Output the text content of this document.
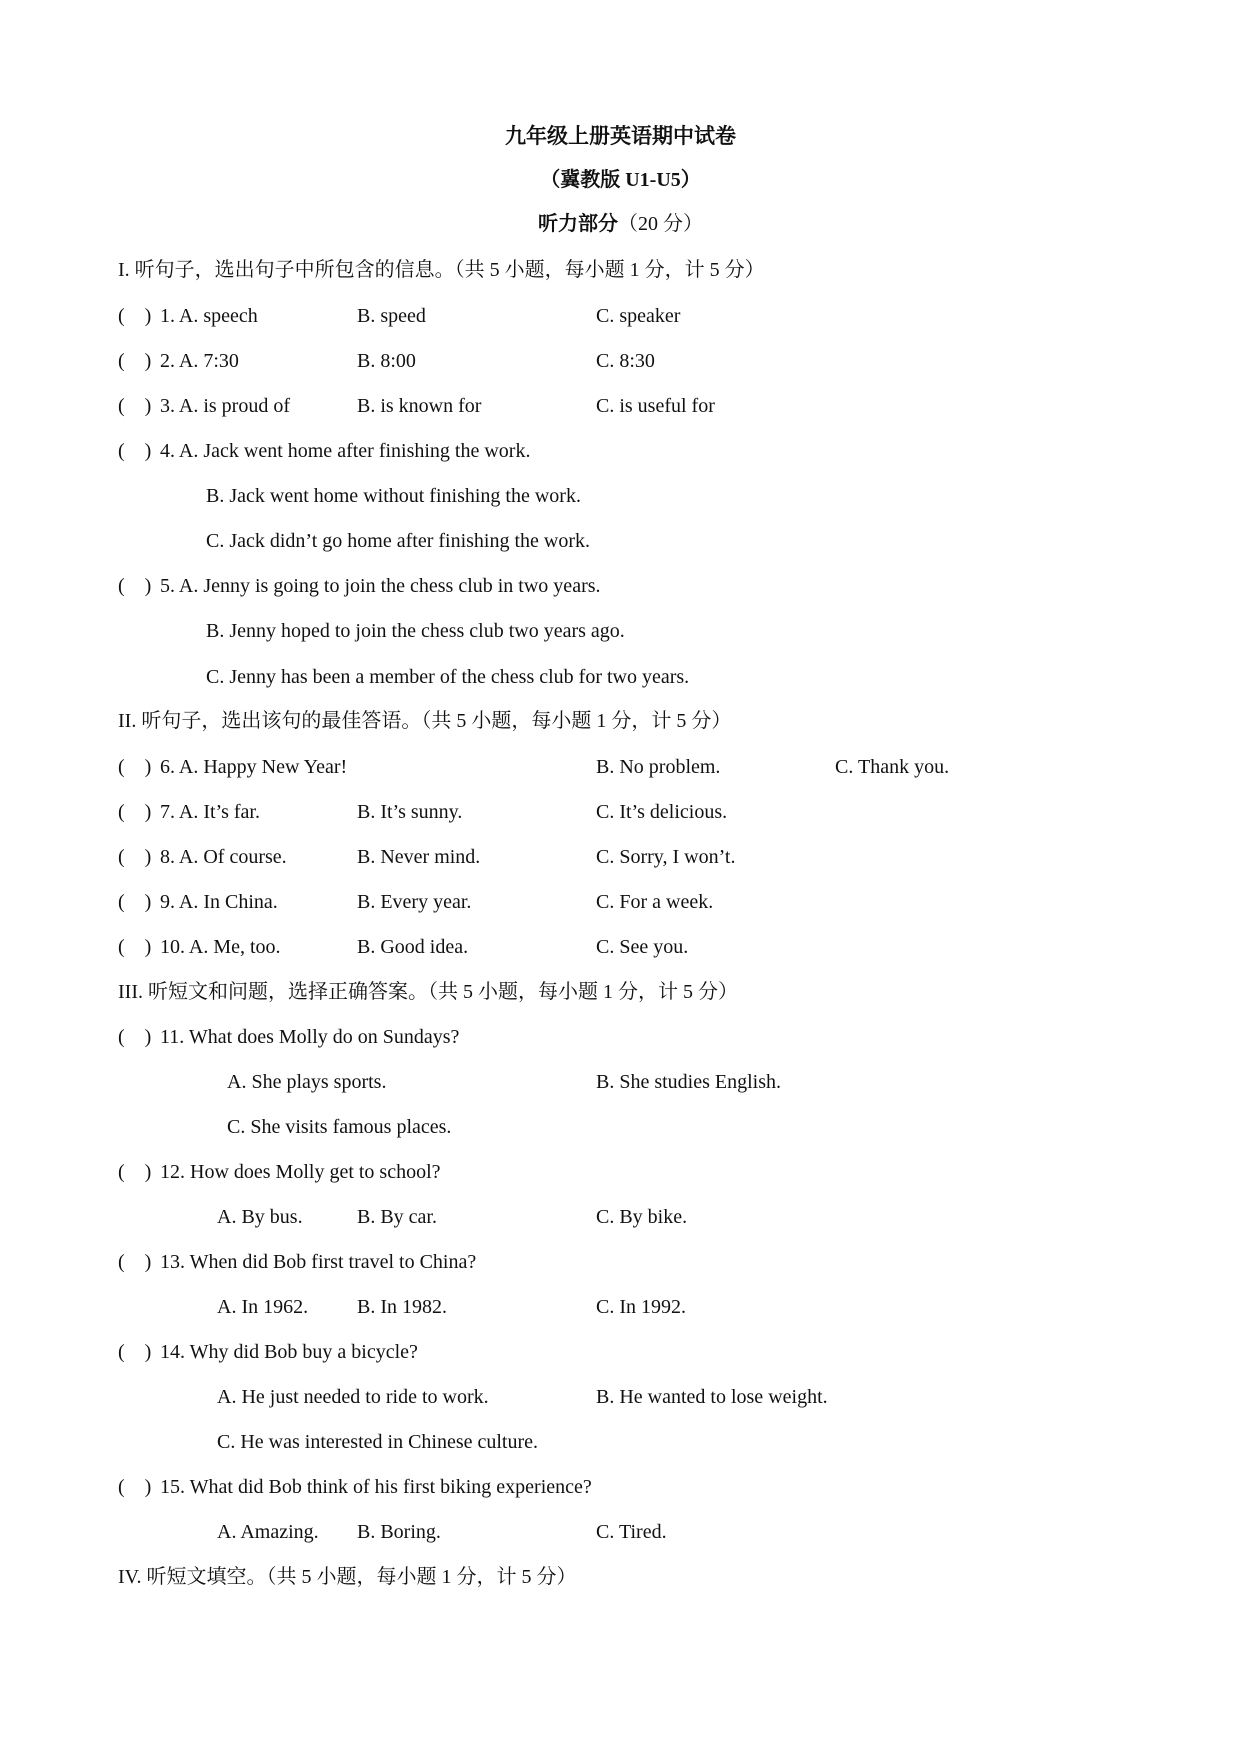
九年级上册英语期中试卷
（冀教版 U1-U5）
听力部分（20 分）
I. 听句子，选出句子中所包含的信息。（共 5 小题，每小题 1 分，计 5 分）
( ) 1. A. speech	B. speed	C. speaker
( ) 2. A. 7:30	B. 8:00	C. 8:30
( ) 3. A. is proud of	B. is known for	C. is useful for
( ) 4. A. Jack went home after finishing the work.
B. Jack went home without finishing the work.
C. Jack didn’t go home after finishing the work.
( ) 5. A. Jenny is going to join the chess club in two years.
B. Jenny hoped to join the chess club two years ago.
C. Jenny has been a member of the chess club for two years.
II. 听句子，选出该句的最佳答语。（共 5 小题，每小题 1 分，计 5 分）
( ) 6. A. Happy New Year!	B. No problem.	C. Thank you.
( ) 7. A. It’s far.	B. It’s sunny.	C. It’s delicious.
( ) 8. A. Of course.	B. Never mind.	C. Sorry, I won’t.
( ) 9. A. In China.	B. Every year.	C. For a week.
( ) 10. A. Me, too.	B. Good idea.	C. See you.
III. 听短文和问题，选择正确答案。（共 5 小题，每小题 1 分，计 5 分）
( ) 11. What does Molly do on Sundays?
A. She plays sports.	B. She studies English.
C. She visits famous places.
( ) 12. How does Molly get to school?
A. By bus.	B. By car.	C. By bike.
( ) 13. When did Bob first travel to China?
A. In 1962. B. In 1982.	C. In 1992.
( ) 14. Why did Bob buy a bicycle?
A. He just needed to ride to work.	B. He wanted to lose weight.
C. He was interested in Chinese culture.
( ) 15. What did Bob think of his first biking experience?
A. Amazing. B. Boring.	C. Tired.
IV. 听短文填空。（共 5 小题，每小题 1 分，计 5 分）
